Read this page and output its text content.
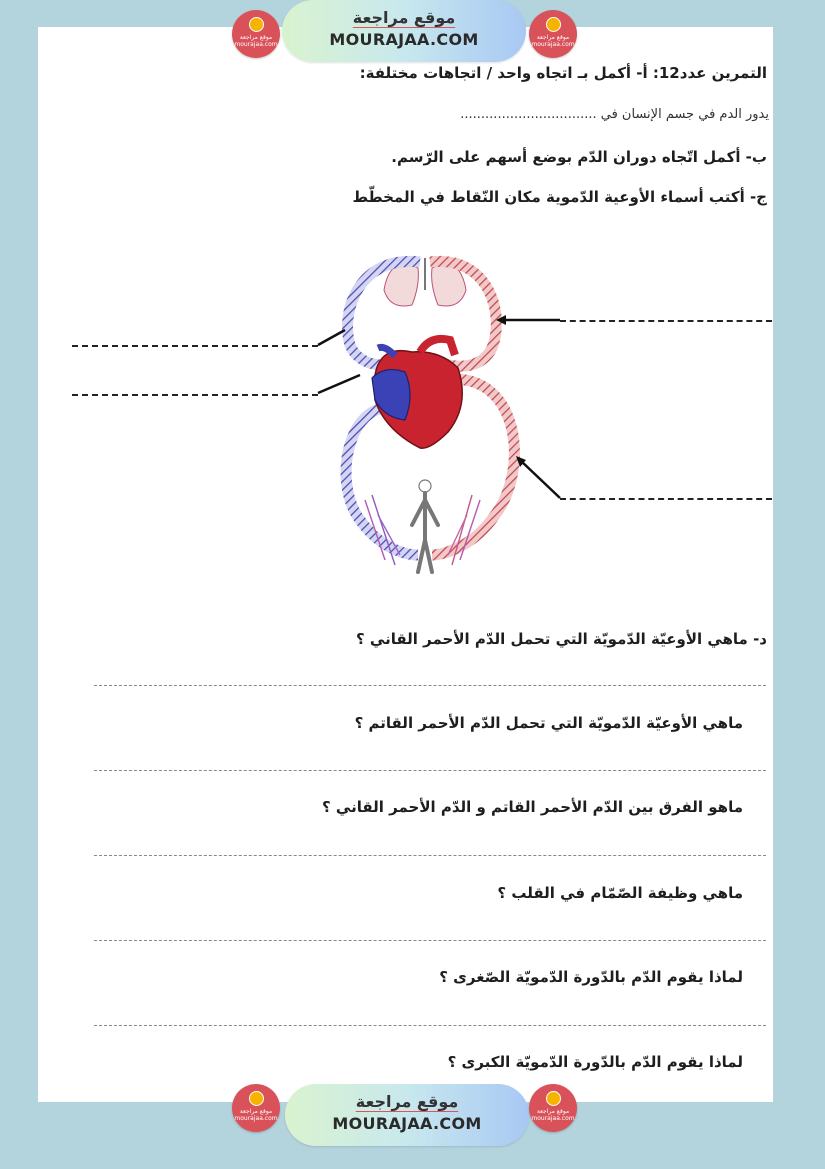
موقع مراجعة
mourajaa.com
موقع مراجعة
MOURAJAA.COM	موقع مراجعة
mourajaa.com
التمرين عدد12: أ- أكمل بـ اتجاه واحد / اتجاهات مختلفة:
يدور الدم في جسم الإنسان في .................................
ب- أكمل اتّجاه دوران الدّم بوضع أسهم على الرّسم.
ج- أكتب أسماء الأوعية الدّموية مكان النّقاط في المخطّط
د- ماهي الأوعيّة الدّمويّة التي تحمل الدّم الأحمر القاني ؟
ماهي الأوعيّة الدّمويّة التي تحمل الدّم الأحمر القاتم ؟
ماهو الفرق بين الدّم الأحمر القاتم و الدّم الأحمر القاني ؟
ماهي وظيفة الصّمّام في القلب ؟
لماذا يقوم الدّم بالدّورة الدّمويّة الصّغرى ؟
لماذا يقوم الدّم بالدّورة الدّمويّة الكبرى ؟
موقع مراجعة
mourajaa.com
موقع مراجعة
MOURAJAA.COM
موقع مراجعة
mourajaa.com
